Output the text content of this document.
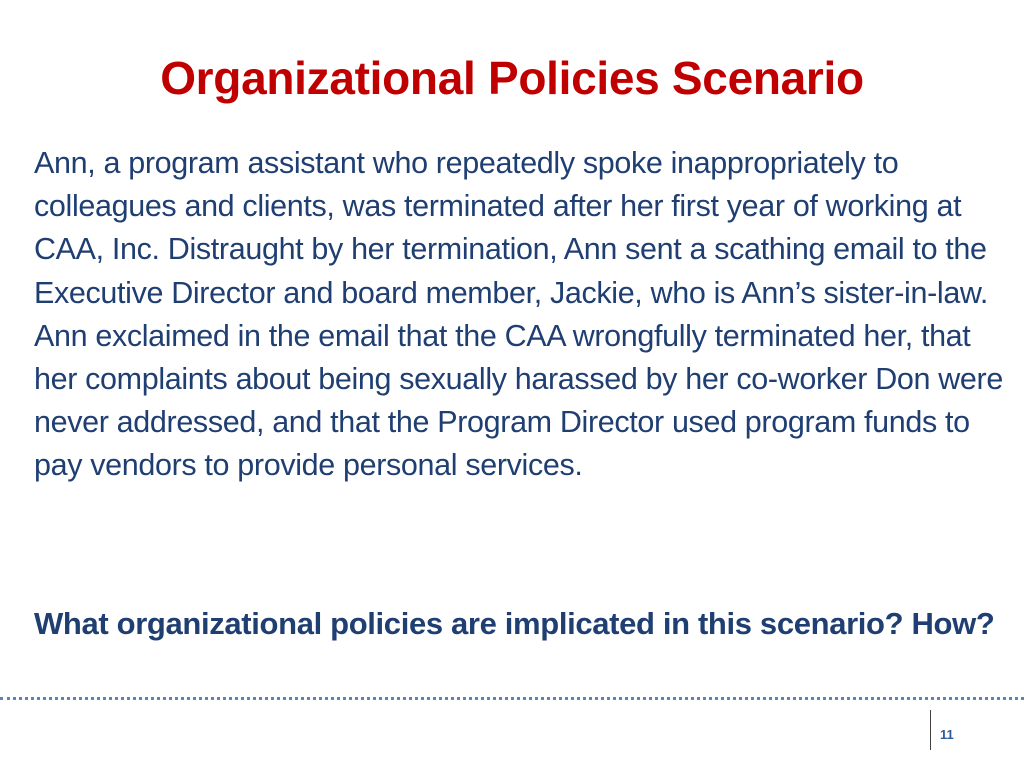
Organizational Policies Scenario

Ann, a program assistant who repeatedly spoke inappropriately to colleagues and clients, was terminated after her first year of working at CAA, Inc. Distraught by her termination, Ann sent a scathing email to the Executive Director and board member, Jackie, who is Ann’s sister-in-law. Ann exclaimed in the email that the CAA wrongfully terminated her, that her complaints about being sexually harassed by her co-worker Don were never addressed, and that the Program Director used program funds to pay vendors to provide personal services.

What organizational policies are implicated in this scenario? How?

11
